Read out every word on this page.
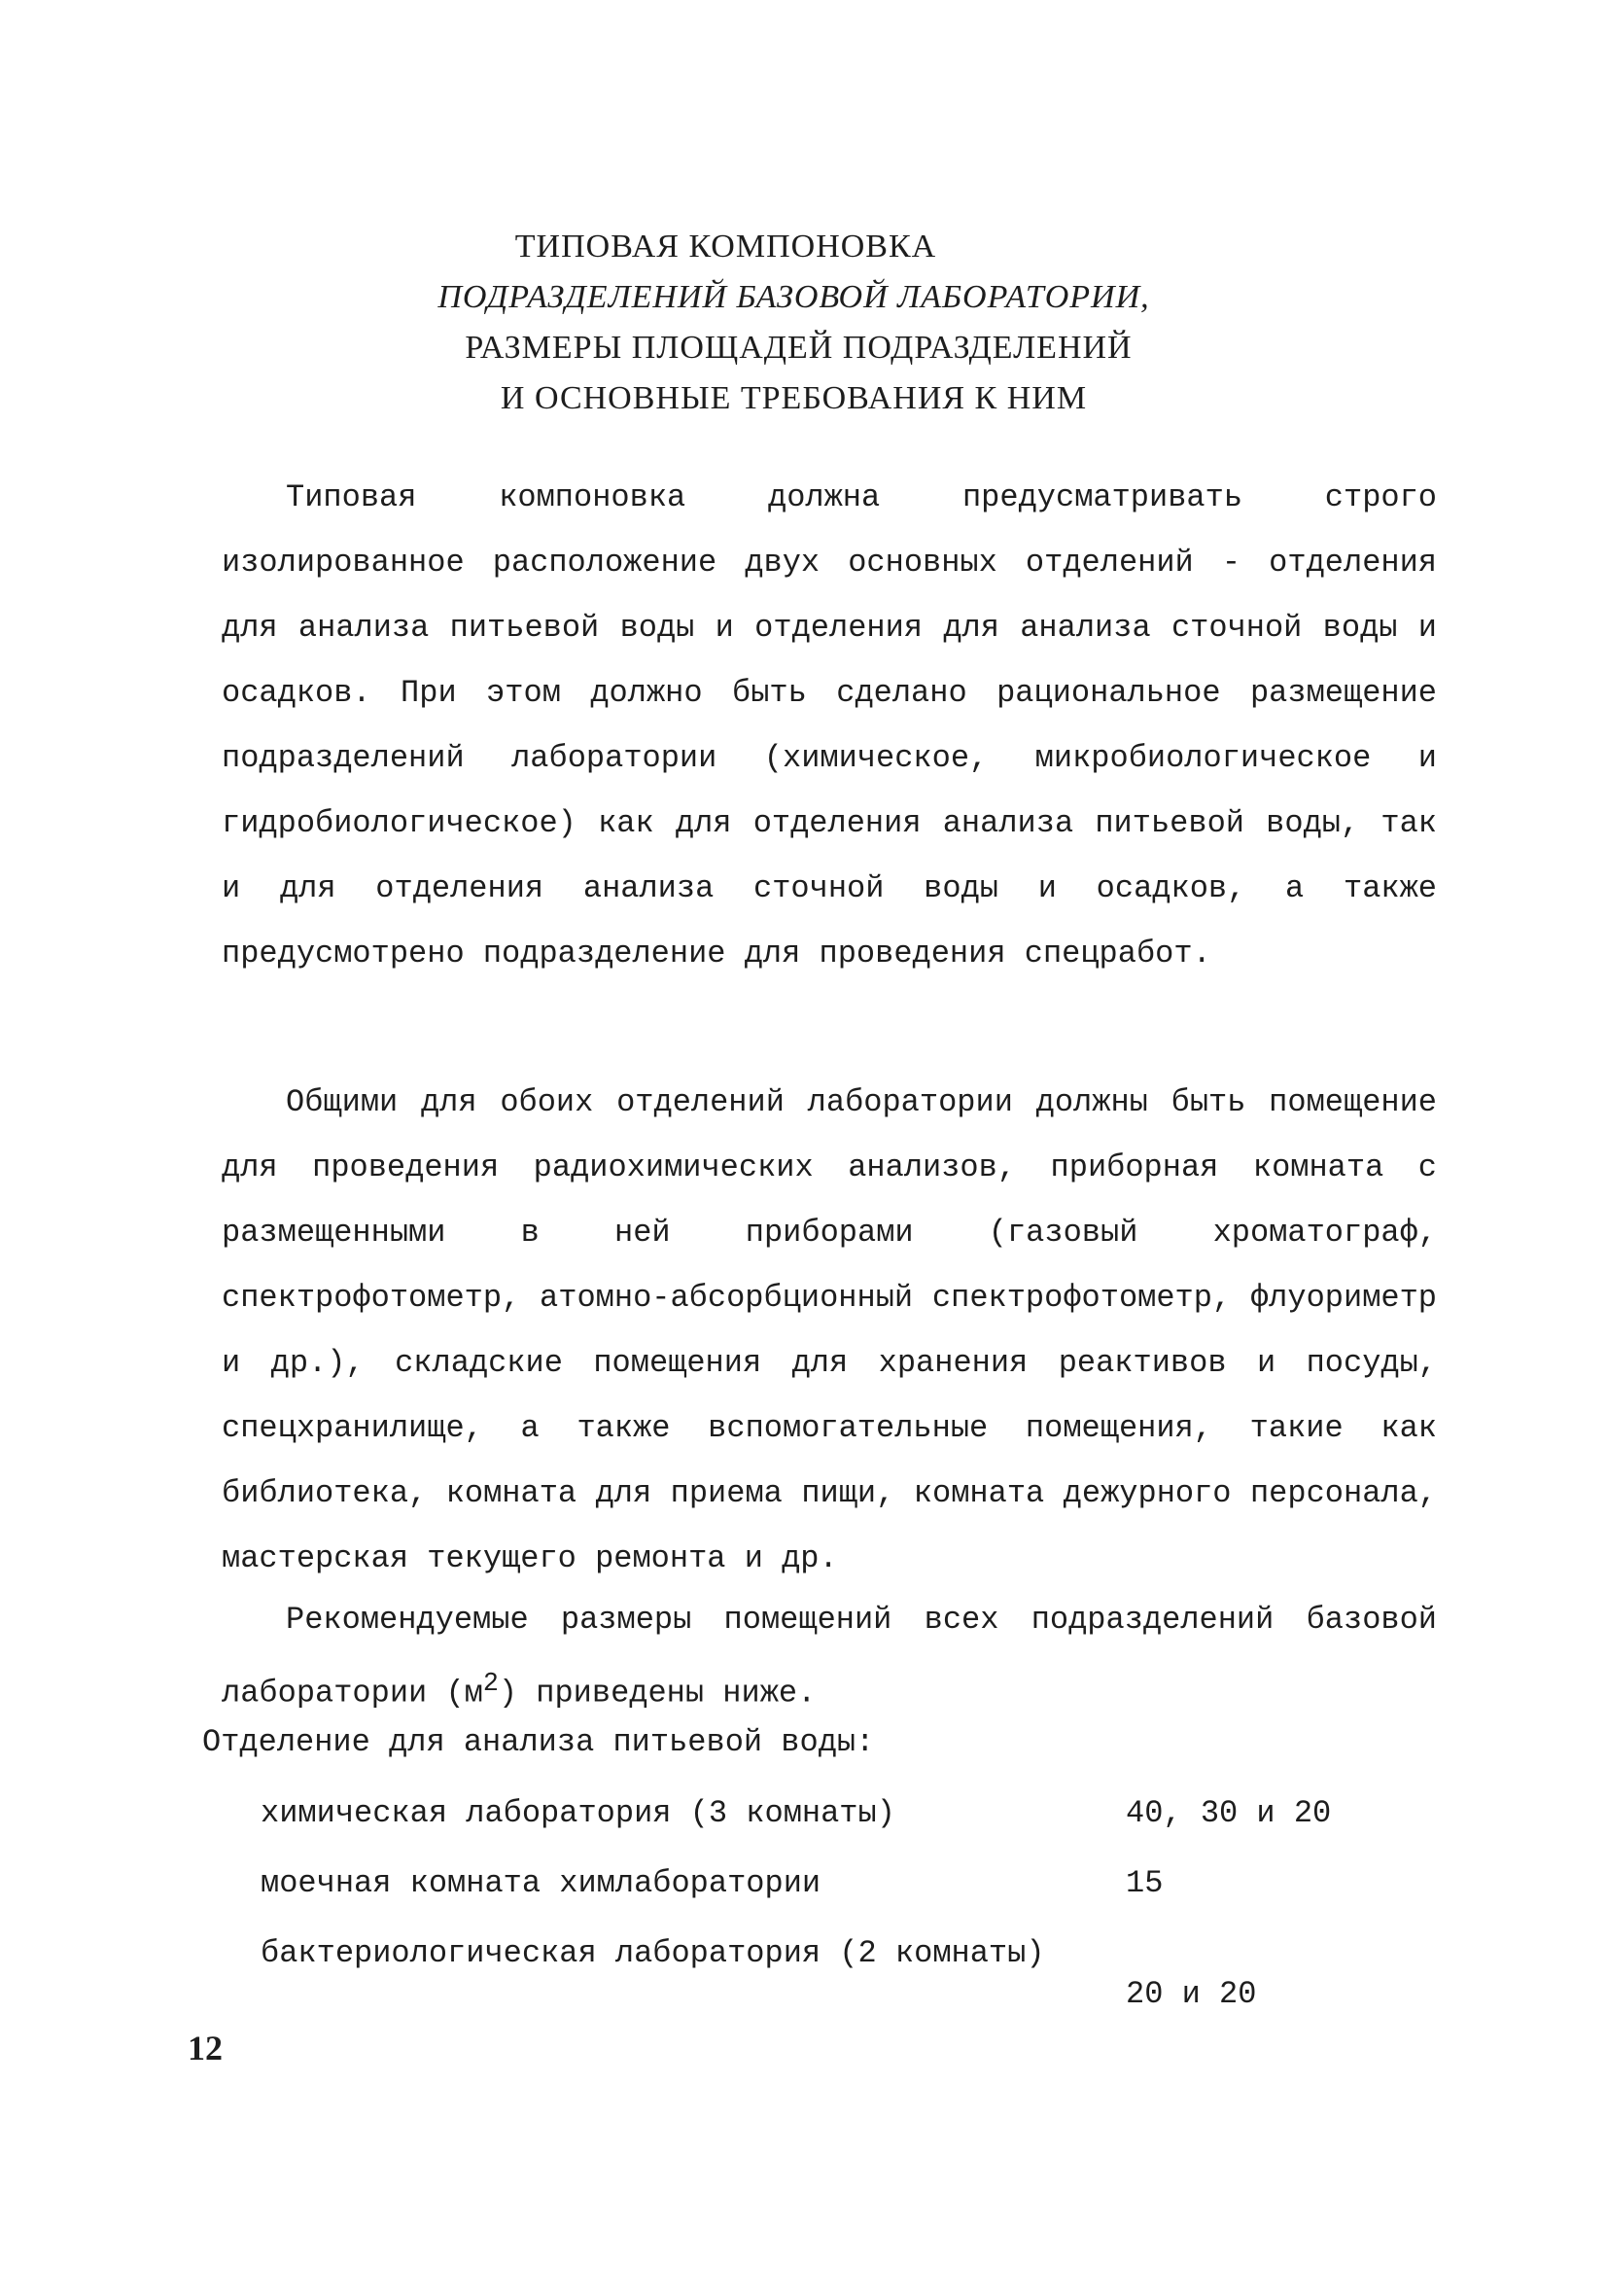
ТИПОВАЯ КОМПОНОВКА
ПОДРАЗДЕЛЕНИЙ БАЗОВОЙ ЛАБОРАТОРИИ,
РАЗМЕРЫ ПЛОЩАДЕЙ ПОДРАЗДЕЛЕНИЙ
И ОСНОВНЫЕ ТРЕБОВАНИЯ К НИМ

Типовая компоновка должна предусматривать строго изолированное расположение двух основных отделений - отделения для анализа питьевой воды и отделения для анализа сточной воды и осадков. При этом должно быть сделано рациональное размещение подразделений лаборатории (химическое, микробиологическое и гидробиологическое) как для отделения анализа питьевой воды, так и для отделения анализа сточной воды и осадков, а также предусмотрено подразделение для проведения спецработ.

Общими для обоих отделений лаборатории должны быть помещение для проведения радиохимических анализов, приборная комната с размещенными в ней приборами (газовый хроматограф, спектрофотометр, атомно-абсорбционный спектрофотометр, флуориметр и др.), складские помещения для хранения реактивов и посуды, спецхранилище, а также вспомогательные помещения, такие как библиотека, комната для приема пищи, комната дежурного персонала, мастерская текущего ремонта и др.

Рекомендуемые размеры помещений всех подразделений базовой лаборатории $(м^2)$ приведены ниже.

Отделение для анализа питьевой воды:
химическая лаборатория (3 комнаты)	40, 30 и 20
моечная комната химлаборатории	15
бактериологическая лаборатория (2 комнаты)
20 и 20
12
